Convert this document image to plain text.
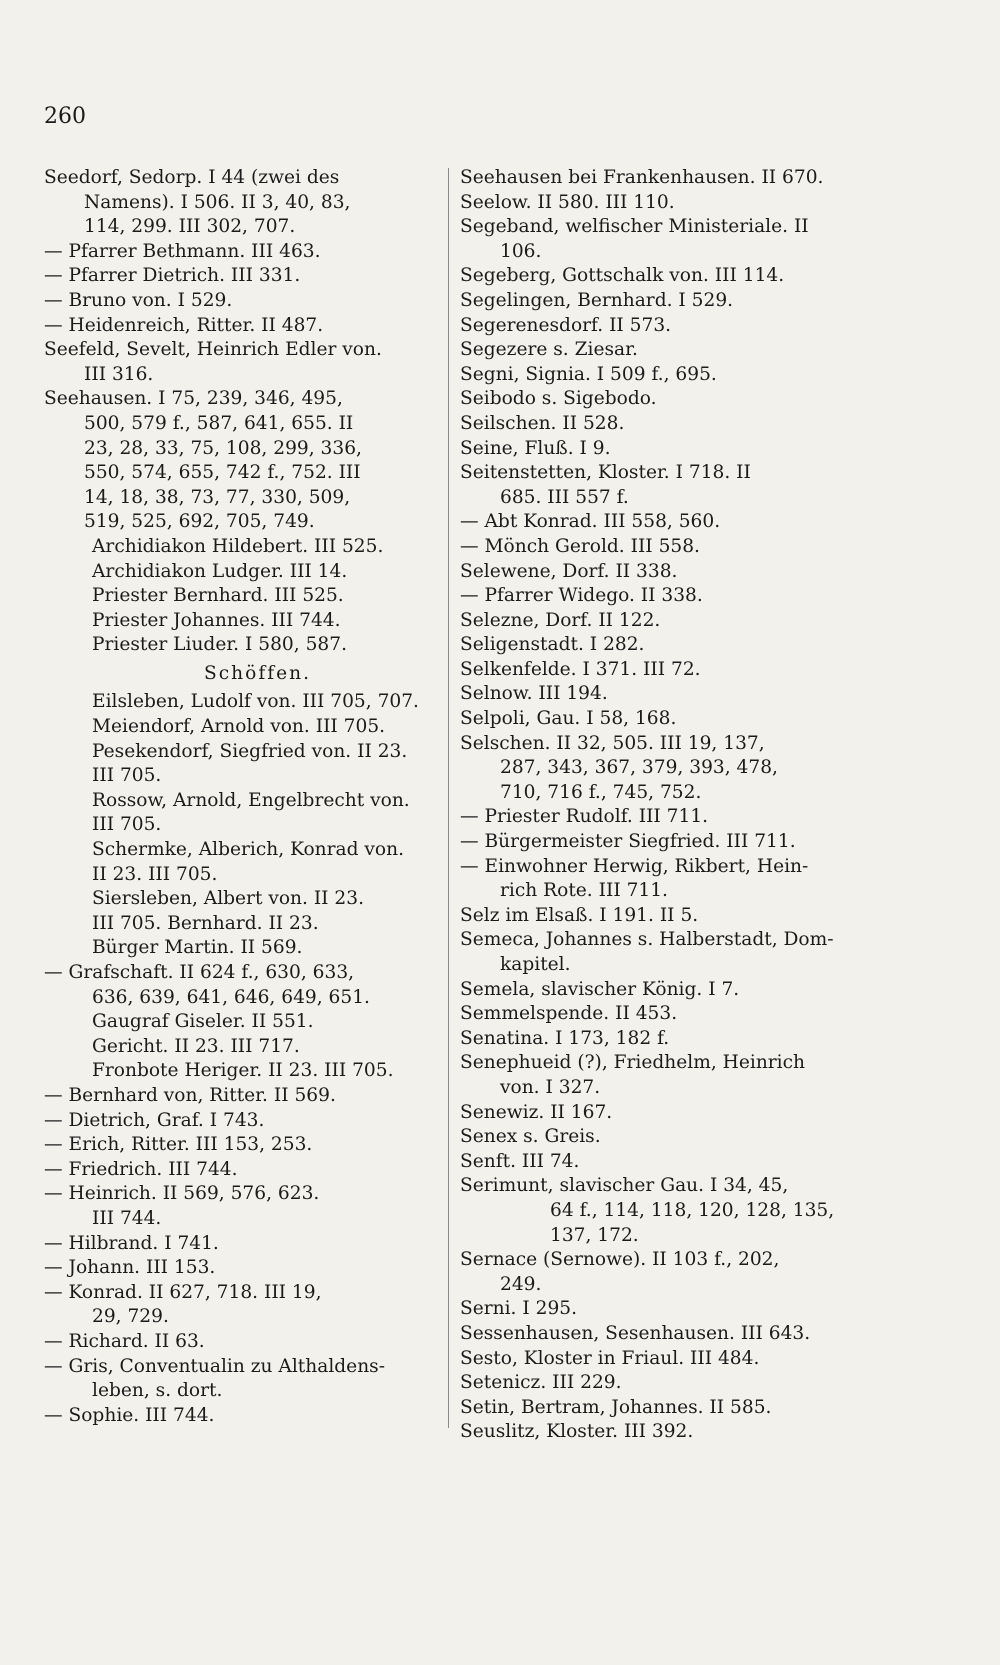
260
Seedorf, Sedorp. I 44 (zwei des
Namens). I 506. II 3, 40, 83,
114, 299. III 302, 707.
— Pfarrer Bethmann. III 463.
— Pfarrer Dietrich. III 331.
— Bruno von. I 529.
— Heidenreich, Ritter. II 487.
Seefeld, Sevelt, Heinrich Edler von.
III 316.
Seehausen. I 75, 239, 346, 495,
500, 579 f., 587, 641, 655. II
23, 28, 33, 75, 108, 299, 336,
550, 574, 655, 742 f., 752. III
14, 18, 38, 73, 77, 330, 509,
519, 525, 692, 705, 749.
Archidiakon Hildebert. III 525.
Archidiakon Ludger. III 14.
Priester Bernhard. III 525.
Priester Johannes. III 744.
Priester Liuder. I 580, 587.
Schöffen.
Eilsleben, Ludolf von. III 705, 707.
Meiendorf, Arnold von. III 705.
Pesekendorf, Siegfried von. II 23.
III 705.
Rossow, Arnold, Engelbrecht von.
III 705.
Schermke, Alberich, Konrad von.
II 23. III 705.
Siersleben, Albert von. II 23.
III 705. Bernhard. II 23.
Bürger Martin. II 569.
— Grafschaft. II 624 f., 630, 633,
636, 639, 641, 646, 649, 651.
Gaugraf Giseler. II 551.
Gericht. II 23. III 717.
Fronbote Heriger. II 23. III 705.
— Bernhard von, Ritter. II 569.
— Dietrich, Graf. I 743.
— Erich, Ritter. III 153, 253.
— Friedrich. III 744.
— Heinrich. II 569, 576, 623.
III 744.
— Hilbrand. I 741.
— Johann. III 153.
— Konrad. II 627, 718. III 19,
29, 729.
— Richard. II 63.
— Gris, Conventualin zu Althaldens-
leben, s. dort.
— Sophie. III 744.
Seehausen bei Frankenhausen. II 670.
Seelow. II 580. III 110.
Segeband, welfischer Ministeriale. II
106.
Segeberg, Gottschalk von. III 114.
Segelingen, Bernhard. I 529.
Segerenesdorf. II 573.
Segezere s. Ziesar.
Segni, Signia. I 509 f., 695.
Seibodo s. Sigebodo.
Seilschen. II 528.
Seine, Fluß. I 9.
Seitenstetten, Kloster. I 718. II
685. III 557 f.
— Abt Konrad. III 558, 560.
— Mönch Gerold. III 558.
Selewene, Dorf. II 338.
— Pfarrer Widego. II 338.
Selezne, Dorf. II 122.
Seligenstadt. I 282.
Selkenfelde. I 371. III 72.
Selnow. III 194.
Selpoli, Gau. I 58, 168.
Selschen. II 32, 505. III 19, 137,
287, 343, 367, 379, 393, 478,
710, 716 f., 745, 752.
— Priester Rudolf. III 711.
— Bürgermeister Siegfried. III 711.
— Einwohner Herwig, Rikbert, Hein-
rich Rote. III 711.
Selz im Elsaß. I 191. II 5.
Semeca, Johannes s. Halberstadt, Dom-
kapitel.
Semela, slavischer König. I 7.
Semmelspende. II 453.
Senatina. I 173, 182 f.
Senephueid (?), Friedhelm, Heinrich
von. I 327.
Senewiz. II 167.
Senex s. Greis.
Senft. III 74.
Serimunt, slavischer Gau. I 34, 45,
64 f., 114, 118, 120, 128, 135,
137, 172.
Sernace (Sernowe). II 103 f., 202,
249.
Serni. I 295.
Sessenhausen, Sesenhausen. III 643.
Sesto, Kloster in Friaul. III 484.
Setenicz. III 229.
Setin, Bertram, Johannes. II 585.
Seuslitz, Kloster. III 392.
